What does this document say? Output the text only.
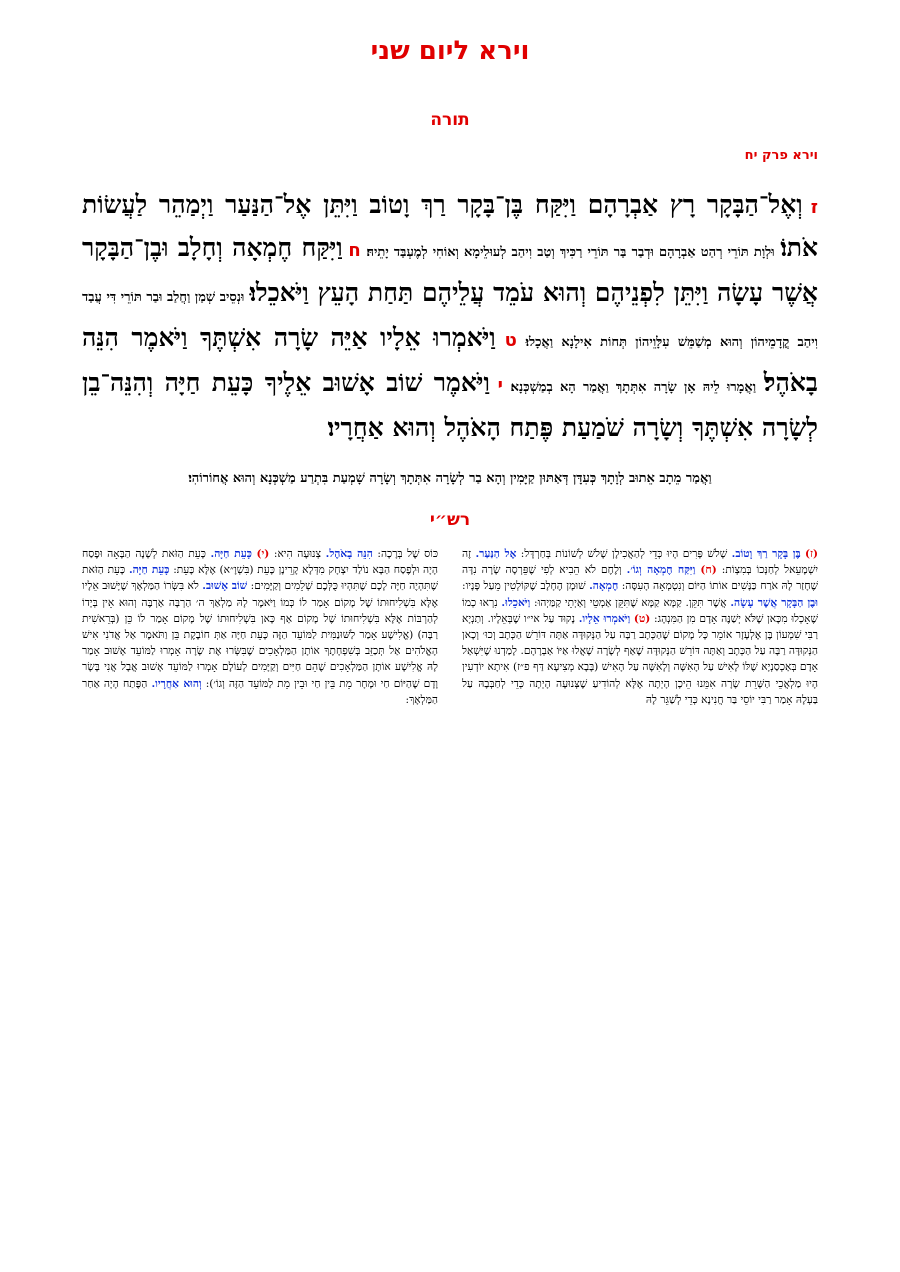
וירא ליום שני
תורה
וירא פרק יח
ז וְאֶל־הַבָּקָר רָץ אַבְרָהָם וַיִּקַּח בֶּן־בָּקָר רַךְ וָטוֹב וַיִּתֵּן אֶל־הַנַּעַר וַיְמַהֵר לַעֲשׂוֹת אֹתוֹ׃ וּלְוָת תּוֹרֵי רְהַט אַבְרָהָם וּדְבַר בַּר תּוֹרֵי רַכִּיךְ וְטַב וִיהַב לְעוּלֵימָא וְאוֹחִי לְמֶעְבַּד יָתֵיהּ׃ ח וַיִּקַּח חֶמְאָה וְחָלָב וּבֶן־הַבָּקָר אֲשֶׁר עָשָׂה וַיִּתֵּן לִפְנֵיהֶם וְהוּא עֹמֵד עֲלֵיהֶם תַּחַת הָעֵץ וַיֹּאכֵלוּ׃ וּנְסֵיב שְׁמַן וַחֲלַב וּבַר תּוֹרֵי דִּי עֲבַד וִיהַב קֳדָמֵיהוֹן וְהוּא מְשַׁמֵּשׁ עִלָּוֵיהוֹן תְּחוֹת אִילָנָא וַאֲכָלוּ׃ ט וַיֹּאמְרוּ אֵלָיו אַיֵּה שָׂרָה אִשְׁתֶּךָ וַיֹּאמֶר הִנֵּה בָאֹהֶל׃ וַאֲמָרוּ לֵיהּ אָן שָׂרָה אִתְּתָךְ וַאֲמַר הָא בְמַשְׁכְּנָא׃ י וַיֹּאמֶר שׁוֹב אָשׁוּב אֵלֶיךָ כָּעֵת חַיָּה וְהִנֵּה־בֵן לְשָׂרָה אִשְׁתֶּךָ וְשָׂרָה שֹׁמַעַת פֶּתַח הָאֹהֶל וְהוּא אַחֲרָיו׃
וַאֲמַר מֵתָב אֵתוּב לְוָתָךְ כְּעִדָּן דְּאַתּוּן קַיָּמִין וְהָא בַר לְשָׂרָה אִתְּתָךְ וְשָׂרָה שָׁמְעַת בִּתְרַע מַשְׁכְּנָא וְהוּא אֲחוֹרוֹהִי׃
רש״י
(ז) בֶּן בָּקָר רַךְ וָטוֹב. שָׁלֹשׁ פָּרִים הָיוּ כְּדֵי לְהַאֲכִילָן שָׁלֹשׁ לְשׁוֹנוֹת בְּחַרְדָּל: אֶל הַנַּעַר. זֶה יִשְׁמָעֵאל לְחַנְּכוֹ בְּמִצְוֹת: (ח) וַיִּקַּח חֶמְאָה וְגוֹ׳. וְלֶחֶם לֹא הֵבִיא לְפִי שֶׁפֵּרְסָה שָׂרָה נִדָּה שֶׁחָזַר לָהּ אֹרַח כַּנָּשִׁים אוֹתוֹ הַיּוֹם וְנִטְמְאָה הָעִסָּה: חֶמְאָה. שׁוּמָן הֶחָלָב שֶׁקּוֹלְטִין מֵעַל פָּנָיו: וּבֶן הַבָּקָר אֲשֶׁר עָשָׂה. אֲשֶׁר תִּקֵּן. קַמָּא קַמָּא שֶׁתִּקֵּן אַמְטֵי וְאַיְתֵי קַמַּיְהוּ: וַיֹּאכֵלוּ. נִרְאוּ כְמוֹ שֶׁאָכְלוּ מִכָּאן שֶׁלֹּא יְשַׁנֶּה אָדָם מִן הַמִּנְהָג: (ט) וַיֹּאמְרוּ אֵלָיו. נָקוּד עַל אי״ו שֶׁבְּאֵלָיו. וְתַנְיָא רַבִּי שִׁמְעוֹן בֶּן אֶלְעָזָר אוֹמֵר כָּל מָקוֹם שֶׁהַכְּתָב רַבָּה עַל הַנְּקוּדָּה אַתָּה דּוֹרֵשׁ הַכְּתָב וְכוּ׳ וְכָאן הַנְּקוּדָּה רַבָּה עַל הַכְּתָב וְאַתָּה דּוֹרֵשׁ הַנְּקוּדָּה שֶׁאַף לְשָׂרָה שָׁאֲלוּ אַיּוֹ אַבְרָהָם. לָמַדְנוּ שֶׁיִּשְׁאַל אָדָם בְּאַכְסַנְיָא שֶׁלּוֹ לָאִישׁ עַל הָאִשָּׁה וְלָאִשָּׁה עַל הָאִישׁ (בָּבָא מְצִיעָא דַּף פ״ז) אִיתָא יוֹדְעִין הָיוּ מַלְאֲכֵי הַשָּׁרֵת שָׂרָה אִמֵּנוּ הֵיכָן הָיְתָה אֶלָּא לְהוֹדִיעַ שֶׁצְּנוּעָה הָיְתָה כְּדֵי לְחַבְּבָהּ עַל בַּעְלָהּ אָמַר רַבִּי יוֹסֵי בַּר חֲנִינָא כְּדֵי לְשַׁגֵּר לָהּ
כּוֹס שֶׁל בְּרָכָה: הִנֵּה בָאֹהֶל. צְנוּעָה הִיא: (י) כָּעֵת חַיָּה. כָּעֵת הַזֹּאת לְשָׁנָה הַבָּאָה וּפֶסַח הָיָה וּלְפֶסַח הַבָּא נוֹלַד יִצְחָק מִדְּלָא קָרֵינָן כָּעֵת (בִּשְׁוָ״א) אֶלָּא כָּעֵת: כָּעֵת חַיָּה. כָּעֵת הַזֹּאת שֶׁתִּהְיֶה חַיָּה לָכֶם שֶׁתִּהְיוּ כֻּלְּכֶם שְׁלֵמִים וְקַיָּמִים: שׁוֹב אָשׁוּב. לֹא בִּשְּׂרוֹ הַמַּלְאָךְ שֶׁיָּשׁוּב אֵלָיו אֶלָּא בִּשְׁלִיחוּתוֹ שֶׁל מָקוֹם אָמַר לוֹ כְּמוֹ וַיֹּאמֶר לָהּ מַלְאַךְ ה׳ הַרְבָּה אַרְבֶּה וְהוּא אֵין בְּיָדוֹ לְהַרְבּוֹת אֶלָּא בִּשְׁלִיחוּתוֹ שֶׁל מָקוֹם אַף כָּאן בִּשְׁלִיחוּתוֹ שֶׁל מָקוֹם אָמַר לוֹ כֵּן (בְּרֵאשִׁית רַבָּה) (אֱלִישָׁע אָמַר לַשּׁוּנַמִּית לַמּוֹעֵד הַזֶּה כָּעֵת חַיָּה אַתְּ חוֹבֶקֶת בֵּן וַתֹּאמֶר אַל אֲדֹנִי אִישׁ הָאֱלֹהִים אַל תְּכַזֵּב בְּשִׁפְחָתֶךָ אוֹתָן הַמַּלְאָכִים שֶׁבִּשְּׂרוּ אֶת שָׂרָה אָמְרוּ לַמּוֹעֵד אָשׁוּב אָמַר לָהּ אֱלִישָׁע אוֹתָן הַמַּלְאָכִים שֶׁהֵם חַיִּים וְקַיָּמִים לְעוֹלָם אָמְרוּ לַמּוֹעֵד אָשׁוּב אֲבָל אֲנִי בָּשָׂר וָדָם שֶׁהַיּוֹם חַי וּמָחָר מֵת בֵּין חַי וּבֵין מֵת לַמּוֹעֵד הַזֶּה וְגוֹ׳): וְהוּא אַחֲרָיו. הַפֶּתַח הָיָה אַחַר הַמַּלְאָךְ:
